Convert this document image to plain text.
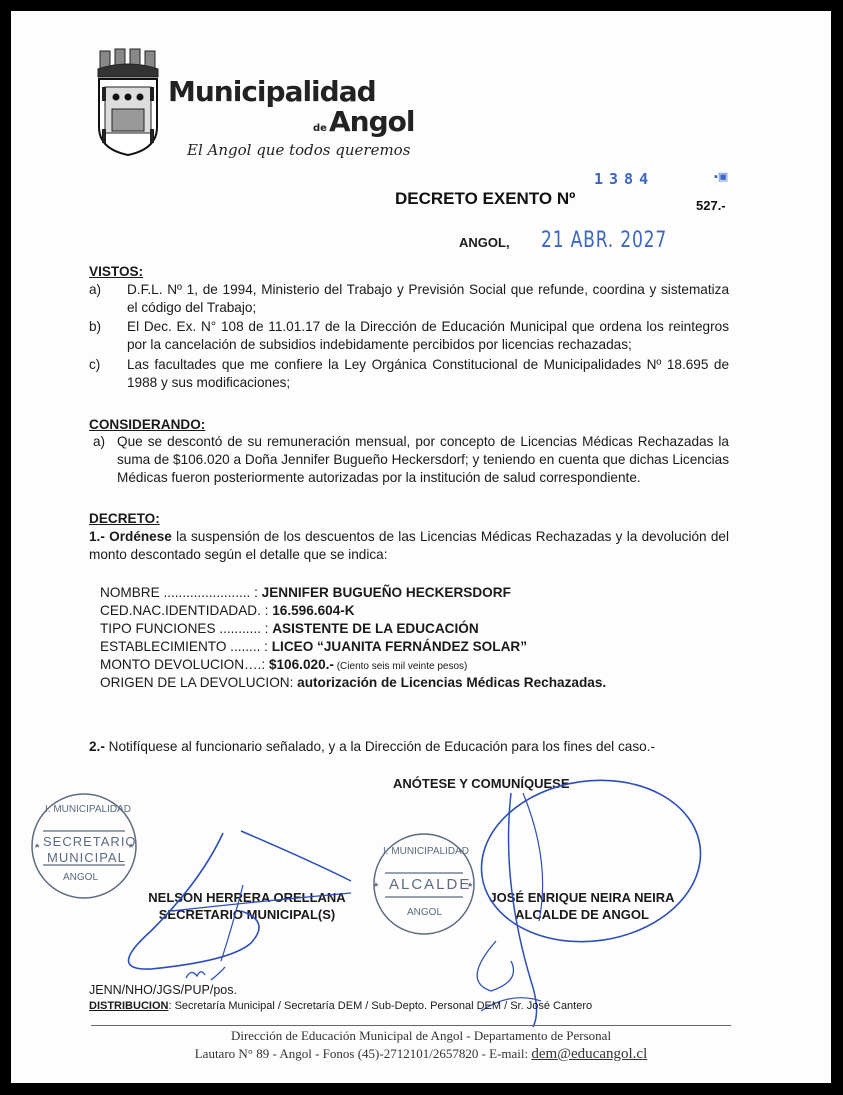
Municipalidad
de Angol
El Angol que todos queremos
DECRETO EXENTO Nº
1384	▪▣
527.-
ANGOL, 21 ABR. 2027
VISTOS:
a) D.F.L. Nº 1, de 1994, Ministerio del Trabajo y Previsión Social que refunde, coordina y sistematiza el código del Trabajo;
b) El Dec. Ex. N° 108 de 11.01.17 de la Dirección de Educación Municipal que ordena los reintegros por la cancelación de subsidios indebidamente percibidos por licencias rechazadas;
c) Las facultades que me confiere la Ley Orgánica Constitucional de Municipalidades Nº 18.695 de 1988 y sus modificaciones;
CONSIDERANDO:
a) Que se descontó de su remuneración mensual, por concepto de Licencias Médicas Rechazadas la suma de $106.020 a Doña Jennifer Bugueño Heckersdorf; y teniendo en cuenta que dichas Licencias Médicas fueron posteriormente autorizadas por la institución de salud correspondiente.
DECRETO:
1.- Ordénese la suspensión de los descuentos de las Licencias Médicas Rechazadas y la devolución del monto descontado según el detalle que se indica:
NOMBRE ....................... : JENNIFER BUGUEÑO HECKERSDORF
CED.NAC.IDENTIDADAD. : 16.596.604-K
TIPO FUNCIONES ........... : ASISTENTE DE LA EDUCACIÓN
ESTABLECIMIENTO ........ : LICEO “JUANITA FERNÁNDEZ SOLAR”
MONTO DEVOLUCION….: $106.020.- (Ciento seis mil veinte pesos)
ORIGEN DE LA DEVOLUCION: autorización de Licencias Médicas Rechazadas.
2.- Notifíquese al funcionario señalado, y a la Dirección de Educación para los fines del caso.-
ANÓTESE Y COMUNÍQUESE
I. MUNICIPALIDAD
SECRETARIO
MUNICIPAL
ANGOL
NELSON HERRERA ORELLANA
SECRETARIO MUNICIPAL(S)
I. MUNICIPALIDAD
ALCALDE
ANGOL
JOSÉ ENRIQUE NEIRA NEIRA
ALCALDE DE ANGOL
JENN/NHO/JGS/PUP/pos.
DISTRIBUCION: Secretaría Municipal / Secretaría DEM / Sub-Depto. Personal DEM / Sr. José Cantero
Dirección de Educación Municipal de Angol - Departamento de Personal
Lautaro N° 89 - Angol - Fonos (45)-2712101/2657820 - E-mail: dem@educangol.cl
